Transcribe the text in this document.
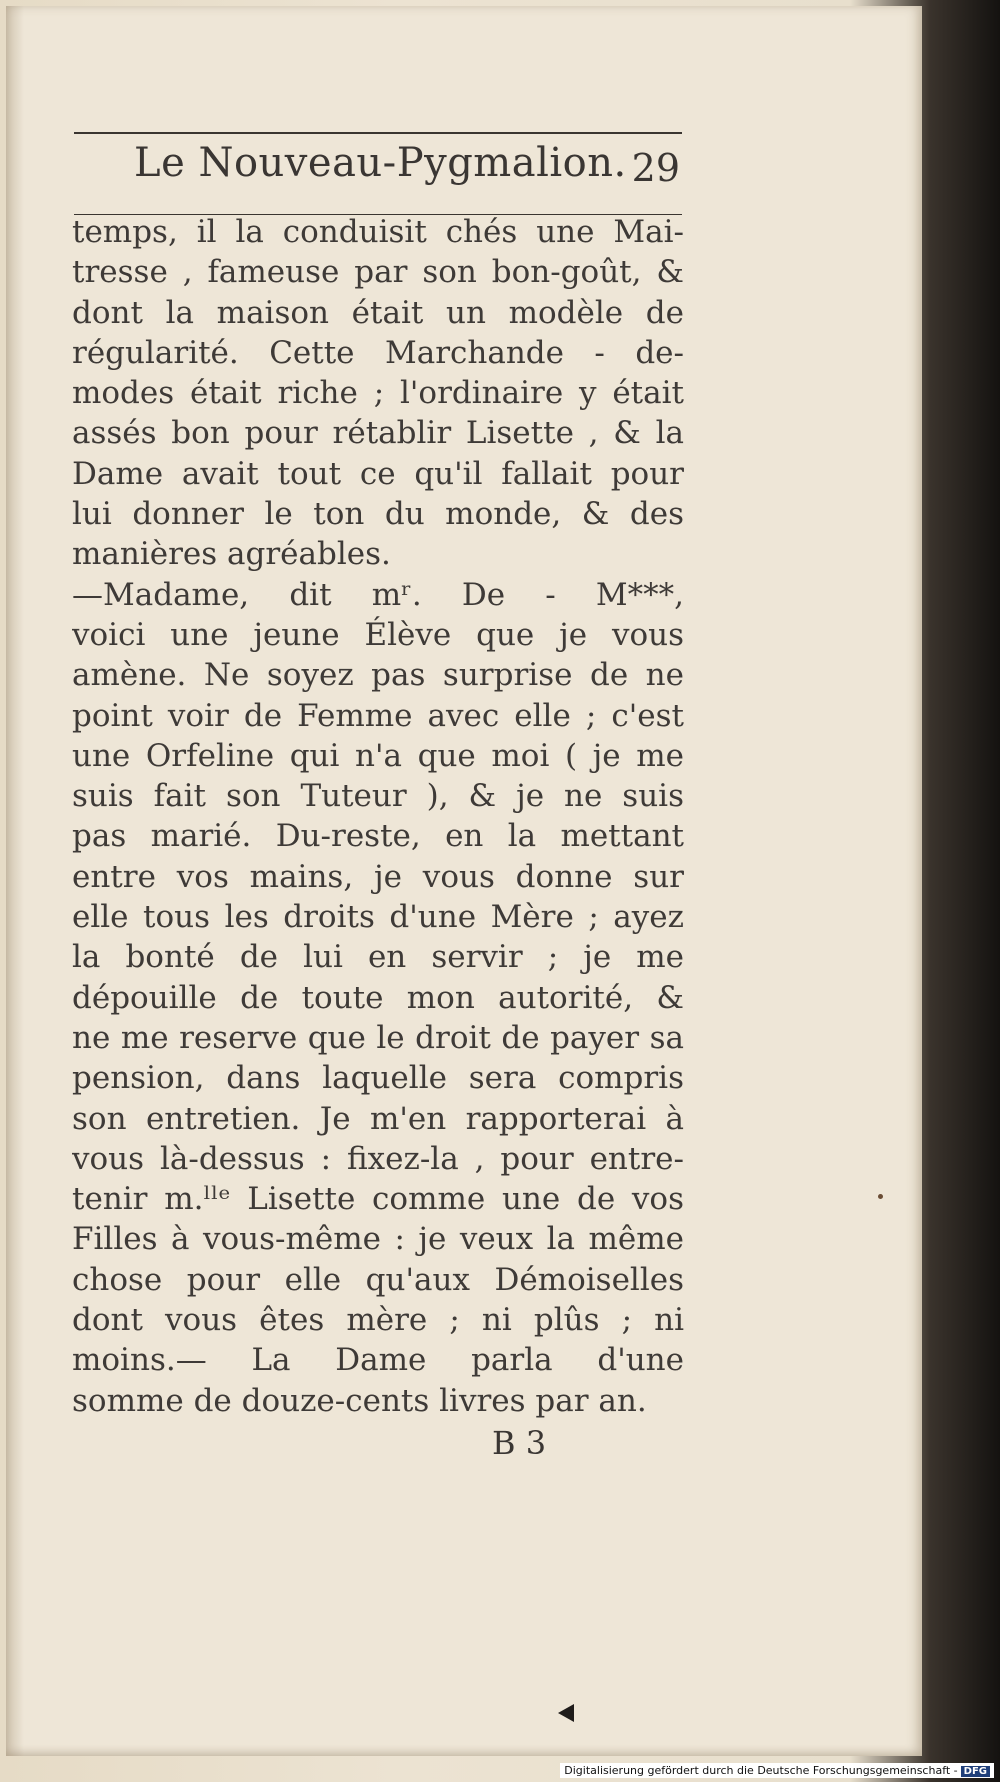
Le Nouveau-Pygmalion. 29
temps, il la conduisit chés une Mai-
tresse , fameuse par son bon-goût, &
dont la maison était un modèle de
régularité. Cette Marchande - de-
modes était riche ; l'ordinaire y était
assés bon pour rétablir Lisette , & la
Dame avait tout ce qu'il fallait pour
lui donner le ton du monde, & des
manières agréables.
—Madame, dit mʳ. De - M***,
voici une jeune Élève que je vous
amène. Ne soyez pas surprise de ne
point voir de Femme avec elle ; c'est
une Orfeline qui n'a que moi ( je me
suis fait son Tuteur ), & je ne suis
pas marié. Du-reste, en la mettant
entre vos mains, je vous donne sur
elle tous les droits d'une Mère ; ayez
la bonté de lui en servir ; je me
dépouille de toute mon autorité, &
ne me reserve que le droit de payer sa
pension, dans laquelle sera compris
son entretien. Je m'en rapporterai à
vous là-dessus : fixez-la , pour entre-
tenir m.ˡˡᵉ Lisette comme une de vos
Filles à vous-même : je veux la même
chose pour elle qu'aux Démoiselles
dont vous êtes mère ; ni plûs ; ni
moins.— La Dame parla d'une
somme de douze-cents livres par an.
B 3
Digitalisierung gefördert durch die Deutsche Forschungsgemeinschaft - DFG
